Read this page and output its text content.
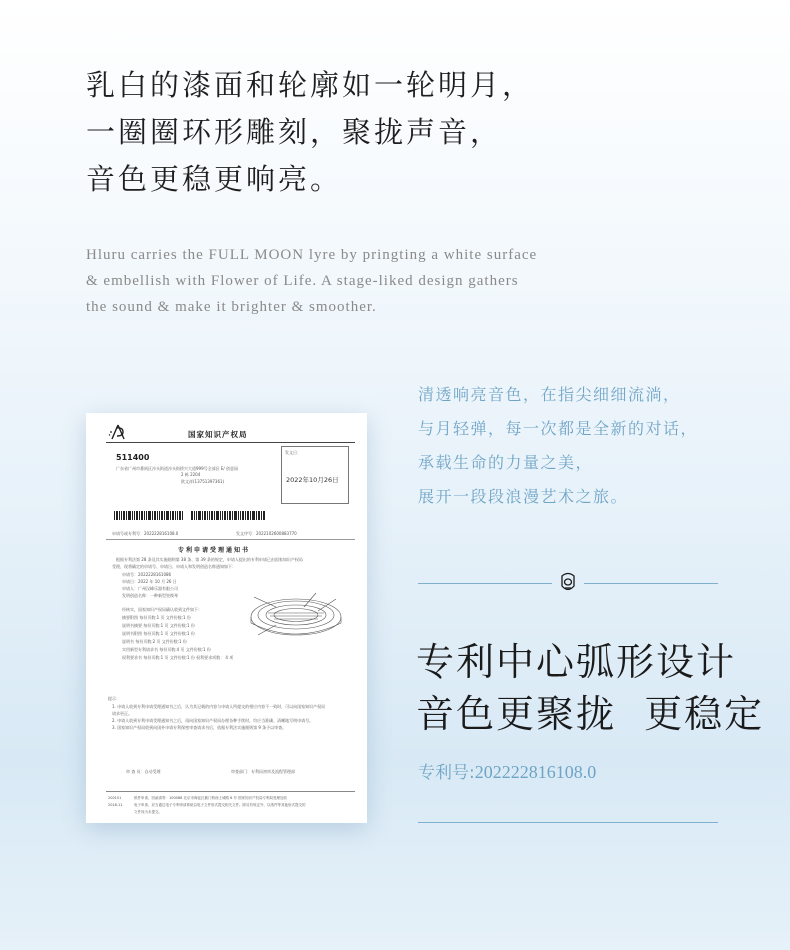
乳白的漆面和轮廓如一轮明月，
一圈圈环形雕刻，聚拢声音，
音色更稳更响亮。
Hluru carries the FULL MOON lyre by pringting a white surface
& embellish with Flower of Life. A stage-liked design gathers
the sound & make it brighter & smoother.
国家知识产权局
511400
广东省广州市番禺区沙头街道沙头街桥兴大道999号全部区 E/ 创意园
2 栋 2204
欧文祥(13751397361)
发文日：
2022年10月26日
申请号或专利号：202222816108.0	发文序号：2022102600883770
专利申请受理通知书
根据专利法第 28 条及其实施细则第 38 条、第 39 条的规定，申请人提出的专利申请已由国家知识产权局
受理，现将确定的申请号、申请日、申请人和发明创造名称通知如下：
申请号：2022228161086
申请日：2022 年 10 月 26 日
申请人：广州汉峰乐器有限公司
发明创造名称：一种新型箜篌琴
经核实，国家知识产权局确认收到文件如下：
摘要附图 每份页数:1 页 文件份数:1 份
说明书摘要 每份页数:1 页 文件份数:1 份
说明书附图 每份页数:1 页 文件份数:1 份
说明书 每份页数:2 页 文件份数:1 份
实用新型专利请求书 每份页数:4 页 文件份数:1 份
权利要求书 每份页数:1 页 文件份数:1 份 权利要求项数： 4 项
提示：
1. 申请人收到专利申请受理通知书之后，认为其记载的内容与申请人所提交的相应内容不一致时，可以向国家知识产权局
请求更正。
2. 申请人收到专利申请受理通知书之后，再向国家知识产权局办理各种手续时，均应当准确、清晰地写明申请号。
3. 国家知识产权局收到向国外申请专利保密审查请求书后，依据专利法实施细则第 9 条予以审查。
审 查 员：自动受理	审查部门：专利局初审及流程管理部
200101
2018.11
纸件申请，回函请寄：100088 北京市海淀区蓟门桥西土城路 6 号 国家知识产权局专利局受理处收
电子申请，应当通过电子专利申请系统以电子文件形式提交相关文件。除另有规定外，以纸件等其他形式提交的
文件视为未提交。
清透响亮音色，在指尖细细流淌，
与月轻弹，每一次都是全新的对话，
承载生命的力量之美，
展开一段段浪漫艺术之旅。
专利中心弧形设计
音色更聚拢  更稳定
专利号:202222816108.0
